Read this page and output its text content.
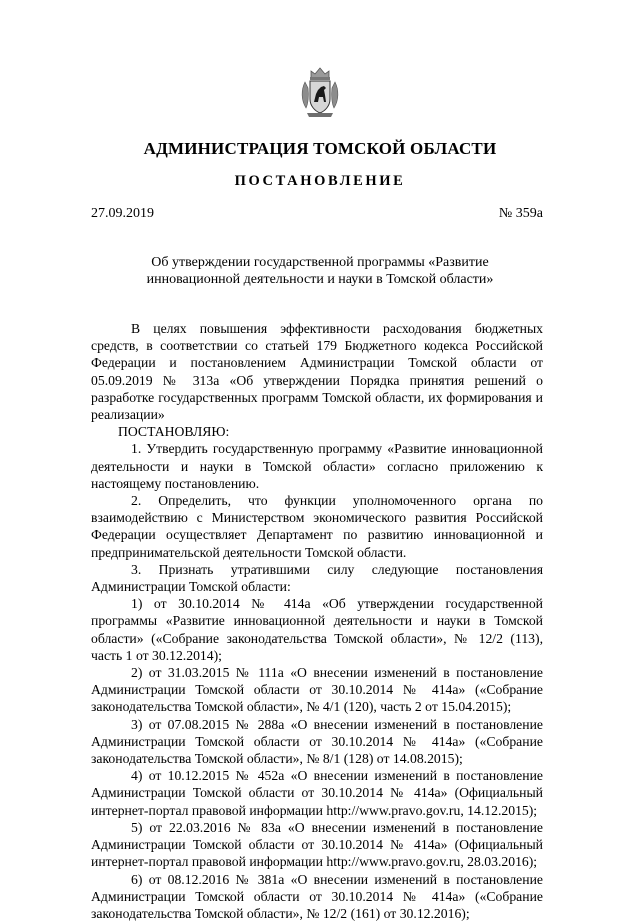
АДМИНИСТРАЦИЯ ТОМСКОЙ ОБЛАСТИ
ПОСТАНОВЛЕНИЕ
27.09.2019	№ 359а
Об утверждении государственной программы «Развитие инновационной деятельности и науки в Томской области»

В целях повышения эффективности расходования бюджетных средств, в соответствии со статьей 179 Бюджетного кодекса Российской Федерации и постановлением Администрации Томской области от 05.09.2019 № 313а «Об утверждении Порядка принятия решений о разработке государственных программ Томской области, их формирования и реализации»

ПОСТАНОВЛЯЮ:

1. Утвердить государственную программу «Развитие инновационной деятельности и науки в Томской области» согласно приложению к настоящему постановлению.

2. Определить, что функции уполномоченного органа по взаимодействию с Министерством экономического развития Российской Федерации осуществляет Департамент по развитию инновационной и предпринимательской деятельности Томской области.

3. Признать утратившими силу следующие постановления Администрации Томской области:

1) от 30.10.2014 № 414а «Об утверждении государственной программы «Развитие инновационной деятельности и науки в Томской области» («Собрание законодательства Томской области», № 12/2 (113), часть 1 от 30.12.2014);

2) от 31.03.2015 № 111а «О внесении изменений в постановление Администрации Томской области от 30.10.2014 № 414а» («Собрание законодательства Томской области», № 4/1 (120), часть 2 от 15.04.2015);

3) от 07.08.2015 № 288а «О внесении изменений в постановление Администрации Томской области от 30.10.2014 № 414а» («Собрание законодательства Томской области», № 8/1 (128) от 14.08.2015);

4) от 10.12.2015 № 452а «О внесении изменений в постановление Администрации Томской области от 30.10.2014 № 414а» (Официальный интернет-портал правовой информации http://www.pravo.gov.ru, 14.12.2015);

5) от 22.03.2016 № 83а «О внесении изменений в постановление Администрации Томской области от 30.10.2014 № 414а» (Официальный интернет-портал правовой информации http://www.pravo.gov.ru, 28.03.2016);

6) от 08.12.2016 № 381а «О внесении изменений в постановление Администрации Томской области от 30.10.2014 № 414а» («Собрание законодательства Томской области», № 12/2 (161) от 30.12.2016);
